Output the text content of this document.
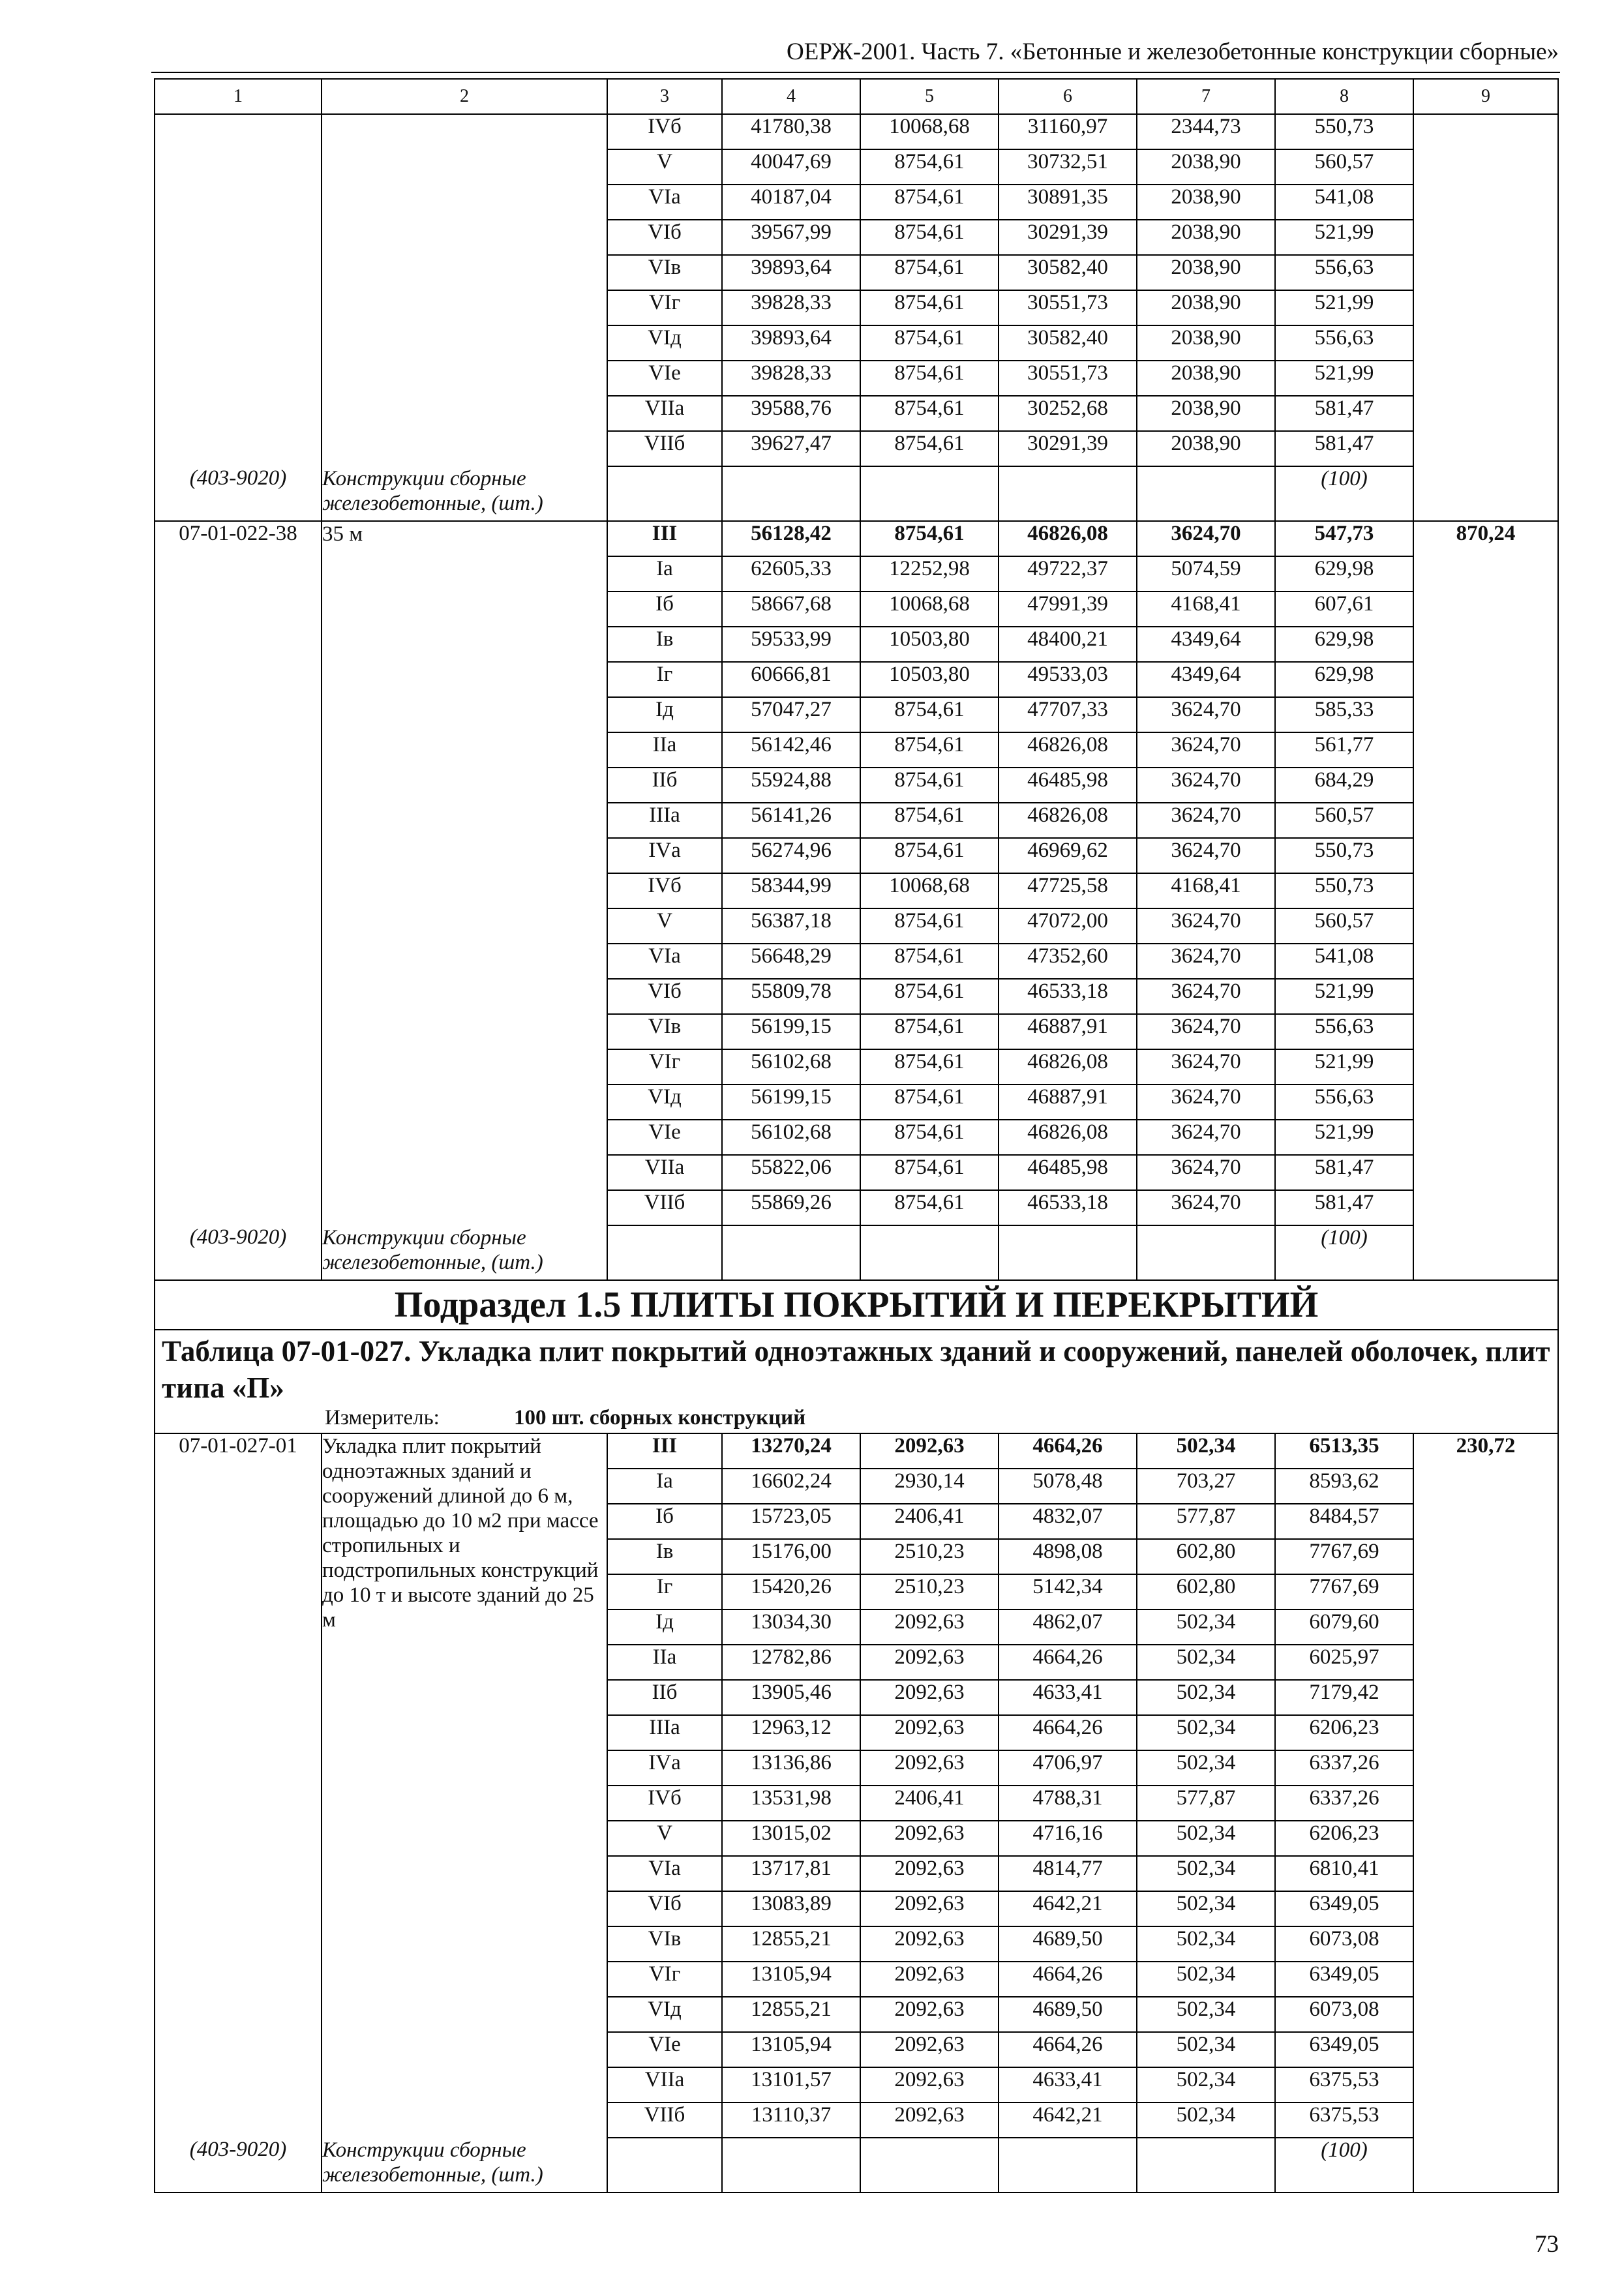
ОЕРЖ-2001. Часть 7. «Бетонные и железобетонные конструкции сборные»
1	2	3	4	5	6	7	8	9
		IVб	41780,38	10068,68	31160,97	2344,73	550,73	
		V	40047,69	8754,61	30732,51	2038,90	560,57	
		VIа	40187,04	8754,61	30891,35	2038,90	541,08	
		VIб	39567,99	8754,61	30291,39	2038,90	521,99	
		VIв	39893,64	8754,61	30582,40	2038,90	556,63	
		VIг	39828,33	8754,61	30551,73	2038,90	521,99	
		VIд	39893,64	8754,61	30582,40	2038,90	556,63	
		VIе	39828,33	8754,61	30551,73	2038,90	521,99	
		VIIа	39588,76	8754,61	30252,68	2038,90	581,47	
		VIIб	39627,47	8754,61	30291,39	2038,90	581,47	
(403-9020)	Конструкции сборные железобетонные, (шт.)						(100)	
07-01-022-38	35 м	III	56128,42	8754,61	46826,08	3624,70	547,73	870,24
		Iа	62605,33	12252,98	49722,37	5074,59	629,98	
		Iб	58667,68	10068,68	47991,39	4168,41	607,61	
		Iв	59533,99	10503,80	48400,21	4349,64	629,98	
		Iг	60666,81	10503,80	49533,03	4349,64	629,98	
		Iд	57047,27	8754,61	47707,33	3624,70	585,33	
		IIа	56142,46	8754,61	46826,08	3624,70	561,77	
		IIб	55924,88	8754,61	46485,98	3624,70	684,29	
		IIIа	56141,26	8754,61	46826,08	3624,70	560,57	
		IVа	56274,96	8754,61	46969,62	3624,70	550,73	
		IVб	58344,99	10068,68	47725,58	4168,41	550,73	
		V	56387,18	8754,61	47072,00	3624,70	560,57	
		VIа	56648,29	8754,61	47352,60	3624,70	541,08	
		VIб	55809,78	8754,61	46533,18	3624,70	521,99	
		VIв	56199,15	8754,61	46887,91	3624,70	556,63	
		VIг	56102,68	8754,61	46826,08	3624,70	521,99	
		VIд	56199,15	8754,61	46887,91	3624,70	556,63	
		VIе	56102,68	8754,61	46826,08	3624,70	521,99	
		VIIа	55822,06	8754,61	46485,98	3624,70	581,47	
		VIIб	55869,26	8754,61	46533,18	3624,70	581,47	
(403-9020)	Конструкции сборные железобетонные, (шт.)						(100)	
Подраздел 1.5 ПЛИТЫ ПОКРЫТИЙ И ПЕРЕКРЫТИЙ								
Таблица 07-01-027. Укладка плит покрытий одноэтажных зданий и сооружений, панелей оболочек, плит типа «П»								
Измеритель: 100 шт. сборных конструкций								
07-01-027-01	Укладка плит покрытий одноэтажных зданий и сооружений длиной до 6 м, площадью до 10 м2 при массе стропильных и подстропильных конструкций до 10 т и высоте зданий до 25 м	III	13270,24	2092,63	4664,26	502,34	6513,35	230,72
		Iа	16602,24	2930,14	5078,48	703,27	8593,62	
		Iб	15723,05	2406,41	4832,07	577,87	8484,57	
		Iв	15176,00	2510,23	4898,08	602,80	7767,69	
		Iг	15420,26	2510,23	5142,34	602,80	7767,69	
		Iд	13034,30	2092,63	4862,07	502,34	6079,60	
		IIа	12782,86	2092,63	4664,26	502,34	6025,97	
		IIб	13905,46	2092,63	4633,41	502,34	7179,42	
		IIIа	12963,12	2092,63	4664,26	502,34	6206,23	
		IVа	13136,86	2092,63	4706,97	502,34	6337,26	
		IVб	13531,98	2406,41	4788,31	577,87	6337,26	
		V	13015,02	2092,63	4716,16	502,34	6206,23	
		VIа	13717,81	2092,63	4814,77	502,34	6810,41	
		VIб	13083,89	2092,63	4642,21	502,34	6349,05	
		VIв	12855,21	2092,63	4689,50	502,34	6073,08	
		VIг	13105,94	2092,63	4664,26	502,34	6349,05	
		VIд	12855,21	2092,63	4689,50	502,34	6073,08	
		VIе	13105,94	2092,63	4664,26	502,34	6349,05	
		VIIа	13101,57	2092,63	4633,41	502,34	6375,53	
		VIIб	13110,37	2092,63	4642,21	502,34	6375,53	
(403-9020)	Конструкции сборные железобетонные, (шт.)						(100)	
73
